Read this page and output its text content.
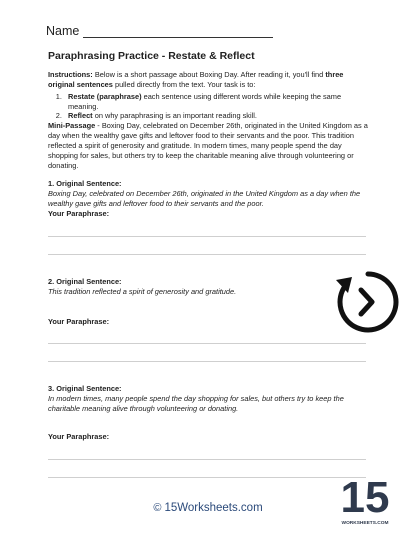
Name
Paraphrasing Practice - Restate & Reflect

Instructions: Below is a short passage about Boxing Day. After reading it, you'll find three original sentences pulled directly from the text. Your task is to:

1. Restate (paraphrase) each sentence using different words while keeping the same meaning.
2. Reflect on why paraphrasing is an important reading skill.

Mini-Passage - Boxing Day, celebrated on December 26th, originated in the United Kingdom as a day when the wealthy gave gifts and leftover food to their servants and the poor. This tradition reflected a spirit of generosity and gratitude. In modern times, many people spend the day shopping for sales, but others try to keep the charitable meaning alive through volunteering or donating.

1. Original Sentence:

Boxing Day, celebrated on December 26th, originated in the United Kingdom as a day when the wealthy gave gifts and leftover food to their servants and the poor.

Your Paraphrase:

2. Original Sentence:

This tradition reflected a spirit of generosity and gratitude.

Your Paraphrase:

3. Original Sentence:

In modern times, many people spend the day shopping for sales, but others try to keep the charitable meaning alive through volunteering or donating.

Your Paraphrase:

© 15Worksheets.com	15
WORKSHEETS.COM
